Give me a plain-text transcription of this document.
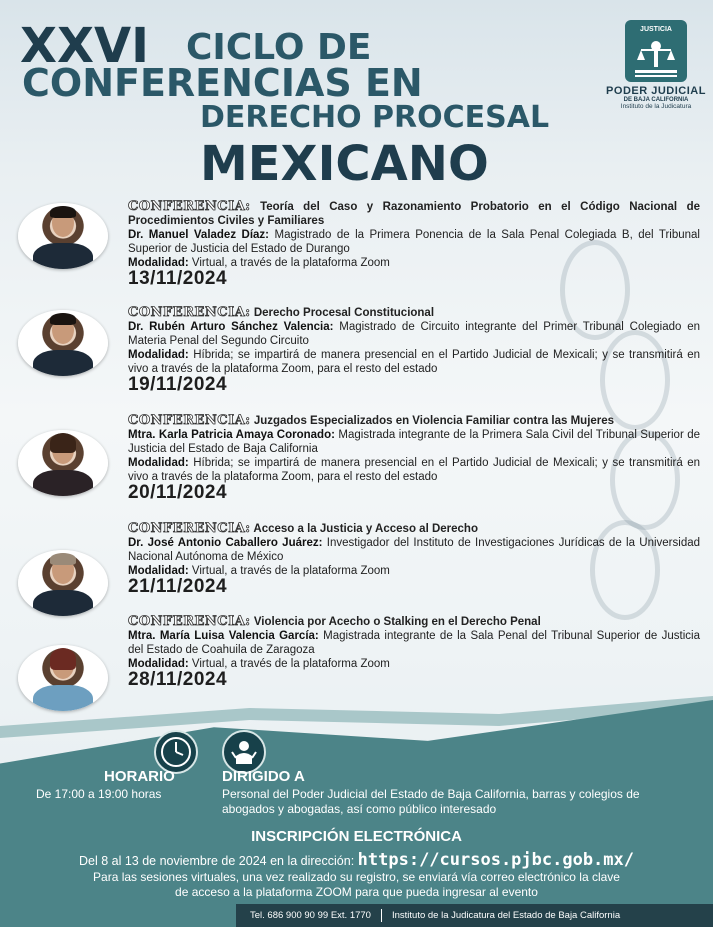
XXVI CICLO DE
CONFERENCIAS EN
DERECHO PROCESAL
MEXICANO
JUSTICIA
PODER JUDICIAL
DE BAJA CALIFORNIA
Instituto de la Judicatura
CONFERENCIA: Teoría del Caso y Razonamiento Probatorio en el Código Nacional de Procedimientos Civiles y Familiares
Dr. Manuel Valadez Díaz: Magistrado de la Primera Ponencia de la Sala Penal Colegiada B, del Tribunal Superior de Justicia del Estado de Durango
Modalidad: Virtual, a través de la plataforma Zoom
13/11/2024
CONFERENCIA: Derecho Procesal Constitucional
Dr. Rubén Arturo Sánchez Valencia: Magistrado de Circuito integrante del Primer Tribunal Colegiado en Materia Penal del Segundo Circuito
Modalidad: Híbrida; se impartirá de manera presencial en el Partido Judicial de Mexicali; y se transmitirá en vivo a través de la plataforma Zoom, para el resto del estado
19/11/2024
CONFERENCIA: Juzgados Especializados en Violencia Familiar contra las Mujeres
Mtra. Karla Patricia Amaya Coronado: Magistrada integrante de la Primera Sala Civil del Tribunal Superior de Justicia del Estado de Baja California
Modalidad: Híbrida; se impartirá de manera presencial en el Partido Judicial de Mexicali; y se transmitirá en vivo a través de la plataforma Zoom, para el resto del estado
20/11/2024
CONFERENCIA: Acceso a la Justicia y Acceso al Derecho
Dr. José Antonio Caballero Juárez: Investigador del Instituto de Investigaciones Jurídicas de la Universidad Nacional Autónoma de México
Modalidad: Virtual, a través de la plataforma Zoom
21/11/2024
CONFERENCIA: Violencia por Acecho o Stalking en el Derecho Penal
Mtra. María Luisa Valencia García: Magistrada integrante de la Sala Penal del Tribunal Superior de Justicia del Estado de Coahuila de Zaragoza
Modalidad: Virtual, a través de la plataforma Zoom
28/11/2024
HORARIO
De 17:00 a 19:00 horas
DIRIGIDO A
Personal del Poder Judicial del Estado de Baja California, barras y colegios de abogados y abogadas, así como público interesado
INSCRIPCIÓN ELECTRÓNICA
Del 8 al 13 de noviembre de 2024 en la dirección: https://cursos.pjbc.gob.mx/
Para las sesiones virtuales, una vez realizado su registro, se enviará vía correo electrónico la clave
de acceso a la plataforma ZOOM para que pueda ingresar al evento
Tel. 686 900 90 99 Ext. 1770 Instituto de la Judicatura del Estado de Baja California
